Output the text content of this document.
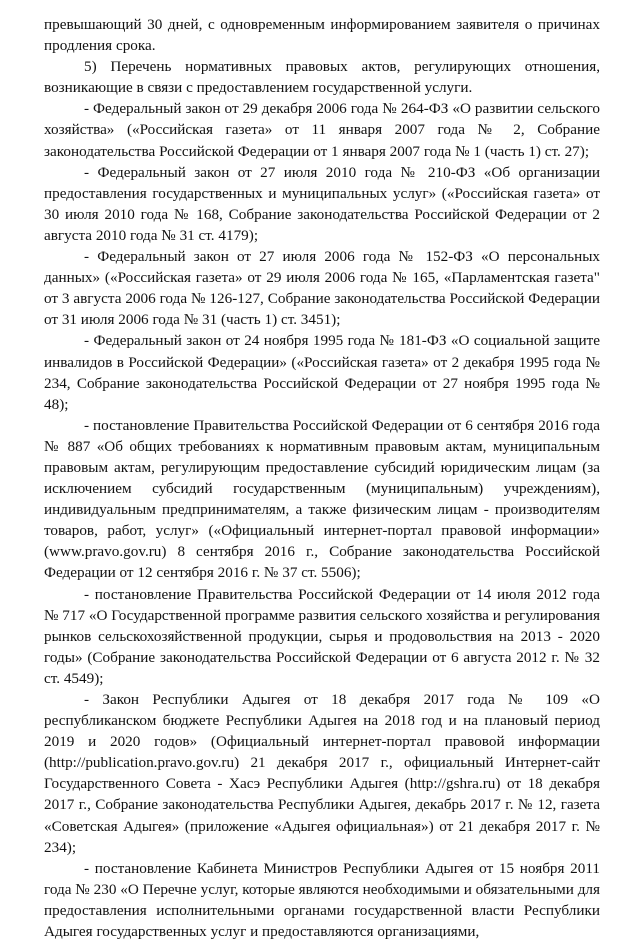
превышающий 30 дней, с одновременным информированием заявителя о причинах продления срока.

5) Перечень нормативных правовых актов, регулирующих отношения, возникающие в связи с предоставлением государственной услуги.

- Федеральный закон от 29 декабря 2006 года № 264-ФЗ «О развитии сельского хозяйства» («Российская газета» от 11 января 2007 года № 2, Собрание законодательства Российской Федерации от 1 января 2007 года № 1 (часть 1) ст. 27);

- Федеральный закон от 27 июля 2010 года № 210-ФЗ «Об организации предоставления государственных и муниципальных услуг» («Российская газета» от 30 июля 2010 года № 168, Собрание законодательства Российской Федерации от 2 августа 2010 года № 31 ст. 4179);

- Федеральный закон от 27 июля 2006 года № 152-ФЗ «О персональных данных» («Российская газета» от 29 июля 2006 года № 165, «Парламентская газета" от 3 августа 2006 года № 126-127, Собрание законодательства Российской Федерации от 31 июля 2006 года № 31 (часть 1) ст. 3451);

- Федеральный закон от 24 ноября 1995 года № 181-ФЗ «О социальной защите инвалидов в Российской Федерации» («Российская газета» от 2 декабря 1995 года № 234, Собрание законодательства Российской Федерации от 27 ноября 1995 года № 48);

- постановление Правительства Российской Федерации от 6 сентября 2016 года № 887 «Об общих требованиях к нормативным правовым актам, муниципальным правовым актам, регулирующим предоставление субсидий юридическим лицам (за исключением субсидий государственным (муниципальным) учреждениям), индивидуальным предпринимателям, а также физическим лицам - производителям товаров, работ, услуг» («Официальный интернет-портал правовой информации» (www.pravo.gov.ru) 8 сентября 2016 г., Собрание законодательства Российской Федерации от 12 сентября 2016 г. № 37 ст. 5506);

- постановление Правительства Российской Федерации от 14 июля 2012 года № 717 «О Государственной программе развития сельского хозяйства и регулирования рынков сельскохозяйственной продукции, сырья и продовольствия на 2013 - 2020 годы» (Собрание законодательства Российской Федерации от 6 августа 2012 г. № 32 ст. 4549);

- Закон Республики Адыгея от 18 декабря 2017 года № 109 «О республиканском бюджете Республики Адыгея на 2018 год и на плановый период 2019 и 2020 годов» (Официальный интернет-портал правовой информации (http://publication.pravo.gov.ru) 21 декабря 2017 г., официальный Интернет-сайт Государственного Совета - Хасэ Республики Адыгея (http://gshra.ru) от 18 декабря 2017 г., Собрание законодательства Республики Адыгея, декабрь 2017 г. № 12, газета «Советская Адыгея» (приложение «Адыгея официальная») от 21 декабря 2017 г. № 234);

- постановление Кабинета Министров Республики Адыгея от 15 ноября 2011 года № 230 «О Перечне услуг, которые являются необходимыми и обязательными для предоставления исполнительными органами государственной власти Республики Адыгея государственных услуг и предоставляются организациями,
